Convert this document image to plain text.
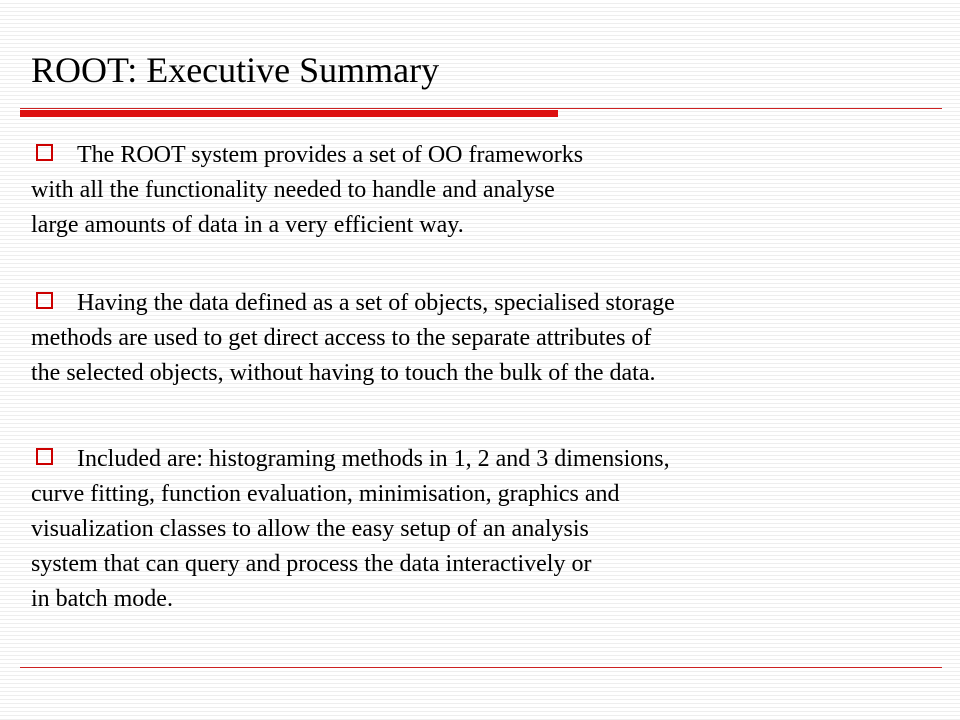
ROOT: Executive Summary
The ROOT system provides a set of OO frameworks
with all the functionality needed to handle and analyse
large amounts of data in a very efficient way.
Having the data defined as a set of objects, specialised storage
methods are used to get direct access to the separate attributes of
the selected objects, without having to touch the bulk of the data.
Included are: histograming methods in 1, 2 and 3 dimensions,
curve fitting, function evaluation, minimisation, graphics and
visualization classes to allow the easy setup of an analysis
system that can query and process the data interactively or
in batch mode.
